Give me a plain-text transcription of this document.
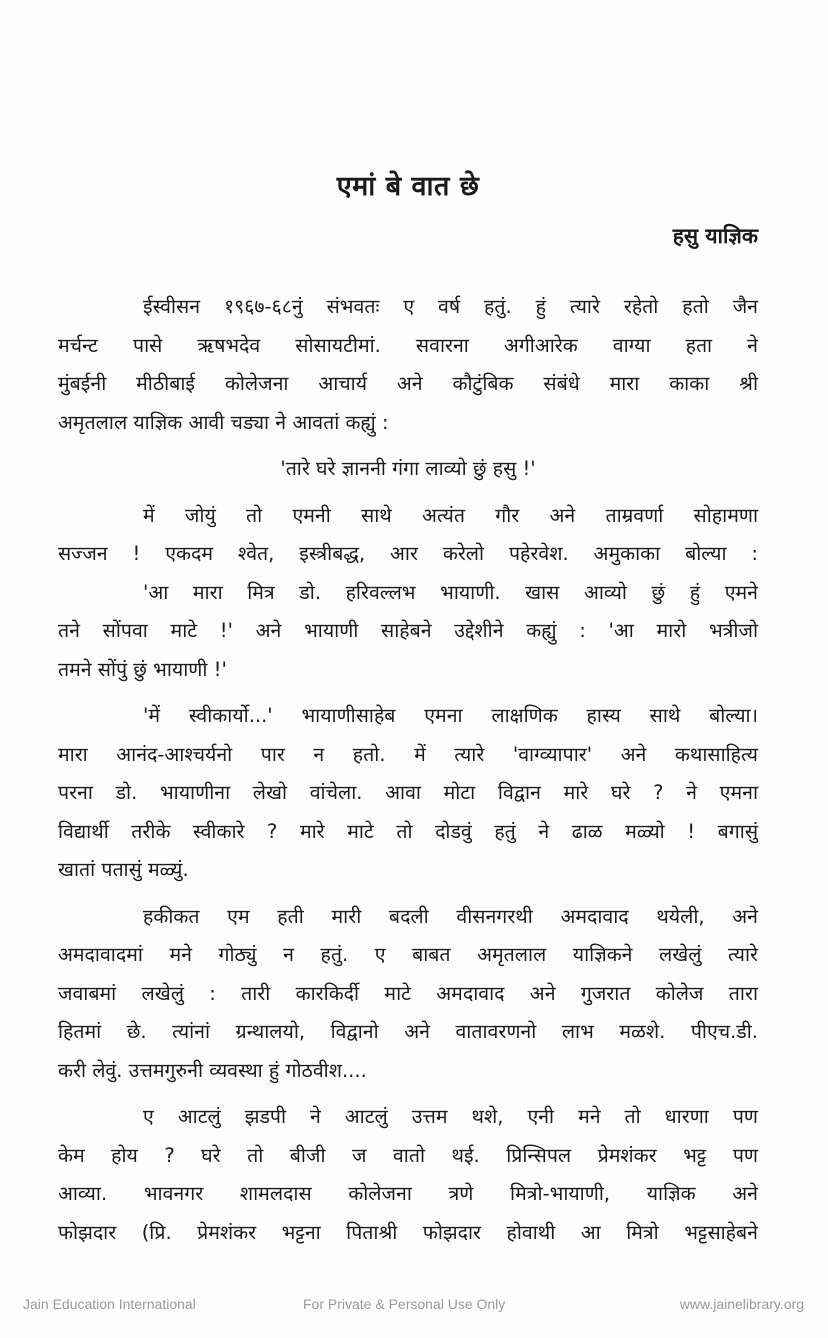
एमां बे वात छे
हसु याज्ञिक
ईस्वीसन १९६७-६८नुं संभवतः ए वर्ष हतुं. हुं त्यारे रहेतो हतो जैन
मर्चन्ट पासे ऋषभदेव सोसायटीमां. सवारना अगीआरेक वाग्या हता ने
मुंबईनी मीठीबाई कोलेजना आचार्य अने कौटुंबिक संबंधे मारा काका श्री
अमृतलाल याज्ञिक आवी चड्या ने आवतां कह्युं :
'तारे घरे ज्ञाननी गंगा लाव्यो छुं हसु !'
में जोयुं तो एमनी साथे अत्यंत गौर अने ताम्रवर्णा सोहामणा
सज्जन ! एकदम श्वेत, इस्त्रीबद्ध, आर करेलो पहेरवेश. अमुकाका बोल्या :
'आ मारा मित्र डो. हरिवल्लभ भायाणी. खास आव्यो छुं हुं एमने
तने सोंपवा माटे !' अने भायाणी साहेबने उद्देशीने कह्युं : 'आ मारो भत्रीजो
तमने सोंपुं छुं भायाणी !'
'में स्वीकार्यो...' भायाणीसाहेब एमना लाक्षणिक हास्य साथे बोल्या।
मारा आनंद-आश्चर्यनो पार न हतो. में त्यारे 'वाग्व्यापार' अने कथासाहित्य
परना डो. भायाणीना लेखो वांचेला. आवा मोटा विद्वान मारे घरे ? ने एमना
विद्यार्थी तरीके स्वीकारे ? मारे माटे तो दोडवुं हतुं ने ढाळ मळ्यो ! बगासुं
खातां पतासुं मळ्युं.
हकीकत एम हती मारी बदली वीसनगरथी अमदावाद थयेली, अने
अमदावादमां मने गोठ्युं न हतुं. ए बाबत अमृतलाल याज्ञिकने लखेलुं त्यारे
जवाबमां लखेलुं : तारी कारकिर्दी माटे अमदावाद अने गुजरात कोलेज तारा
हितमां छे. त्यांनां ग्रन्थालयो, विद्वानो अने वातावरणनो लाभ मळशे. पीएच.डी.
करी लेवुं. उत्तमगुरुनी व्यवस्था हुं गोठवीश....
ए आटलुं झडपी ने आटलुं उत्तम थशे, एनी मने तो धारणा पण
केम होय ? घरे तो बीजी ज वातो थई. प्रिन्सिपल प्रेमशंकर भट्ट पण
आव्या. भावनगर शामलदास कोलेजना त्रणे मित्रो-भायाणी, याज्ञिक अने
फोझदार (प्रि. प्रेमशंकर भट्टना पिताश्री फोझदार होवाथी आ मित्रो भट्टसाहेबने
Jain Education International	For Private & Personal Use Only	www.jainelibrary.org
